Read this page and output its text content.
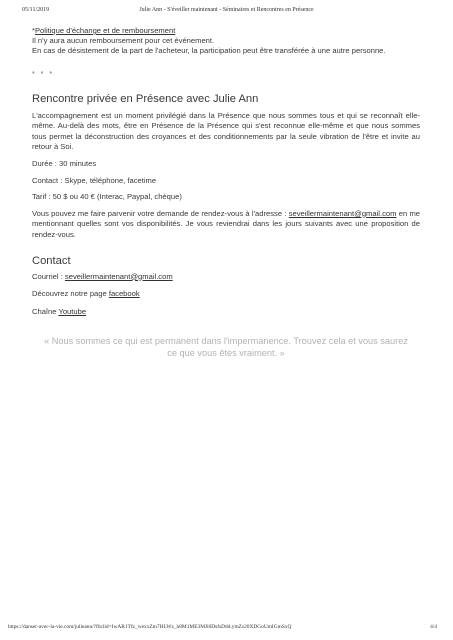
05/11/2019	Julie Ann - S'éveiller maintenant - Séminaires et Rencontres en Présence

*Politique d'échange et de remboursement

Il n'y aura aucun remboursement pour cet événement.

En cas de désistement de la part de l'acheteur, la participation peut être transférée à une autre personne.

* * *
Rencontre privée en Présence avec Julie Ann

L'accompagnement est un moment privilégié dans la Présence que nous sommes tous et qui se reconnaît elle-même. Au-delà des mots, être en Présence de la Présence qui s'est reconnue elle-même et que nous sommes tous permet la déconstruction des croyances et des conditionnements par la seule vibration de l'être et invite au retour à Soi.

Durée : 30 minutes

Contact : Skype, téléphone, facetime

Tarif : 50 $ ou 40 € (Interac, Paypal, chèque)

Vous pouvez me faire parvenir votre demande de rendez-vous à l'adresse : seveillermaintenant@gmail.com en me mentionnant quelles sont vos disponibilités. Je vous reviendrai dans les jours suivants avec une proposition de rendez-vous.

Contact

Courriel : seveillermaintenant@gmail.com

Découvrez notre page facebook

Chaîne Youtube

« Nous sommes ce qui est permanent dans l'impermanence. Trouvez cela et vous saurez ce que vous êtes vraiment. »

https://danser-avec-la-vie.com/julieann/?fbclid=IwAR1Tfz_wexxZm7HLWz_h8M1ME3MJi0DsfsDdd.ymZs20XDGoUmIGmSxQ	4/4
